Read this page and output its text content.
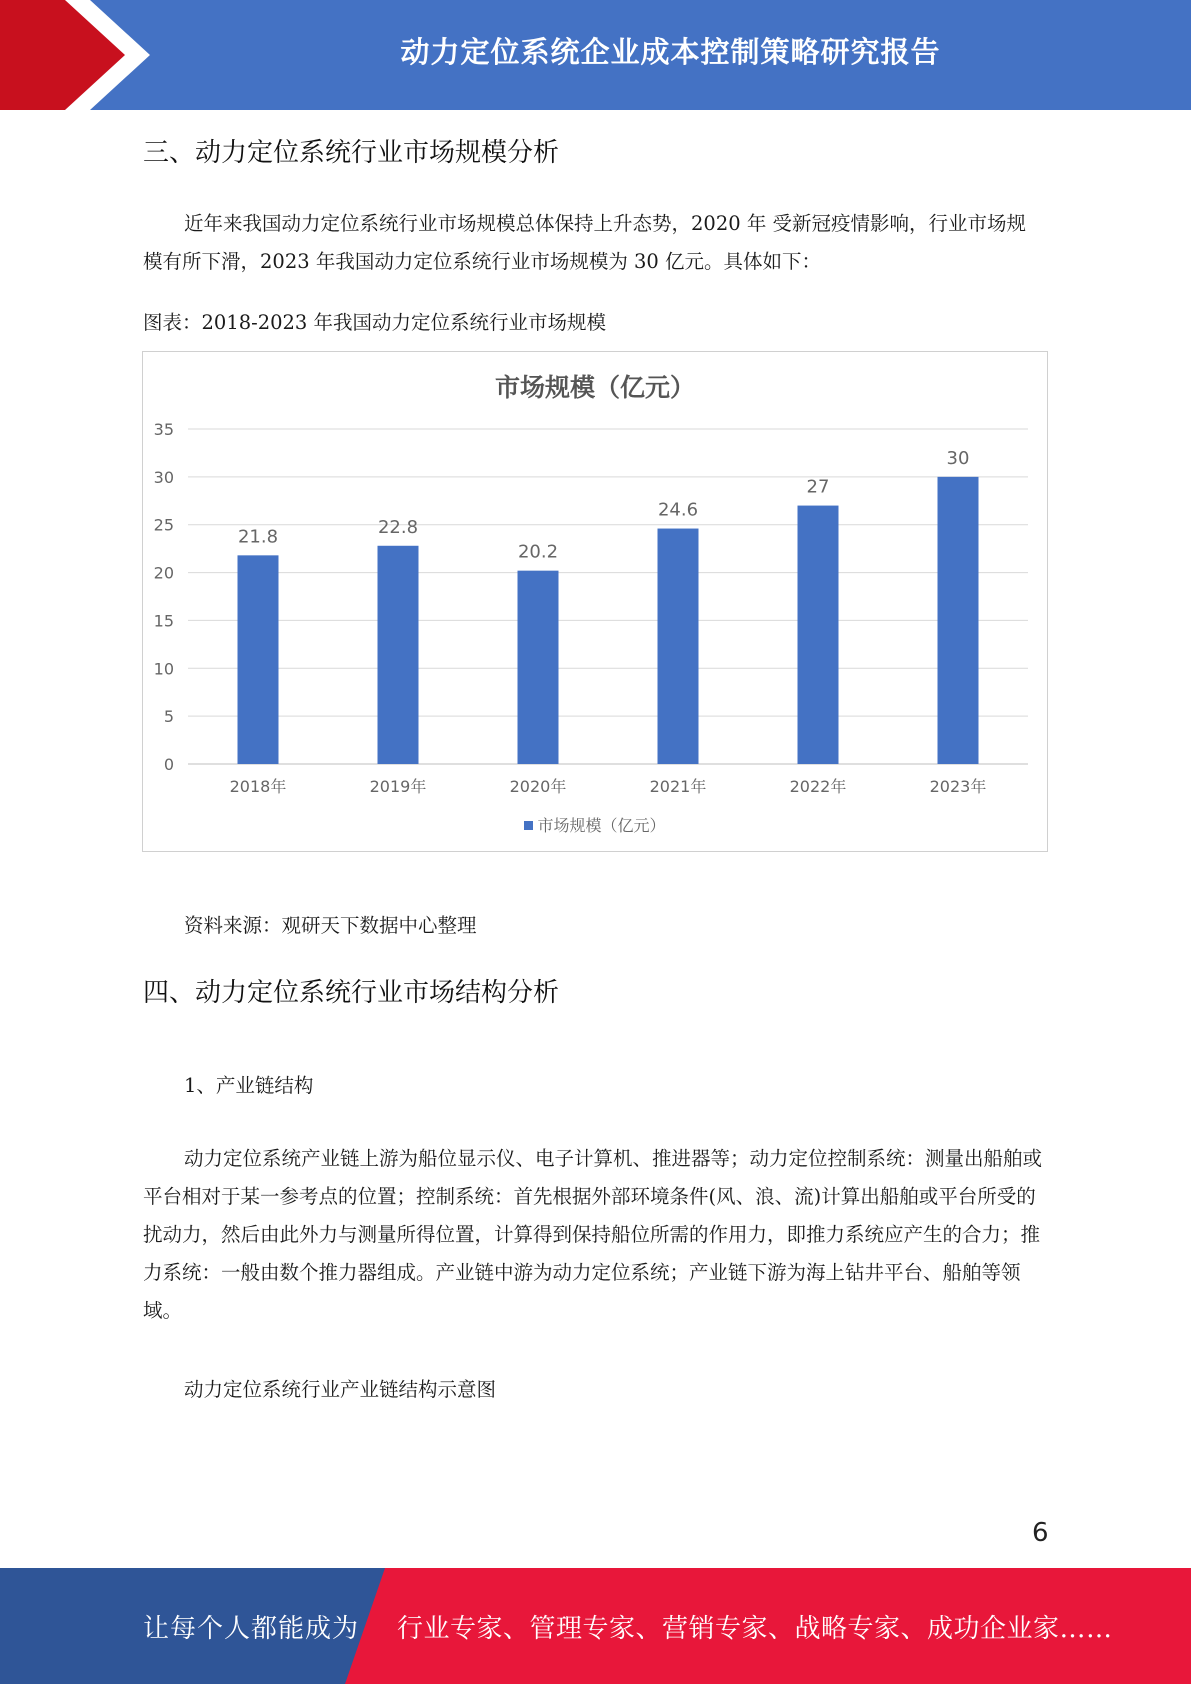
动力定位系统企业成本控制策略研究报告
三、动力定位系统行业市场规模分析

近年来我国动力定位系统行业市场规模总体保持上升态势，2020 年 受新冠疫情影响，行业市场规模有所下滑，2023 年我国动力定位系统行业市场规模为 30 亿元。具体如下：

图表：2018-2023 年我国动力定位系统行业市场规模
市场规模（亿元）
0
5
10
15
20
25
30
35
21.8
2018年
22.8
2019年
20.2
2020年
24.6
2021年
27
2022年
30
2023年
市场规模（亿元）
资料来源：观研天下数据中心整理
四、动力定位系统行业市场结构分析
1、产业链结构

动力定位系统产业链上游为船位显示仪、电子计算机、推进器等；动力定位控制系统：测量出船舶或平台相对于某一参考点的位置；控制系统：首先根据外部环境条件(风、浪、流)计算出船舶或平台所受的扰动力，然后由此外力与测量所得位置，计算得到保持船位所需的作用力，即推力系统应产生的合力；推力系统：一般由数个推力器组成。产业链中游为动力定位系统；产业链下游为海上钻井平台、船舶等领域。

动力定位系统行业产业链结构示意图
6
让每个人都能成为 行业专家、管理专家、营销专家、战略专家、成功企业家……
